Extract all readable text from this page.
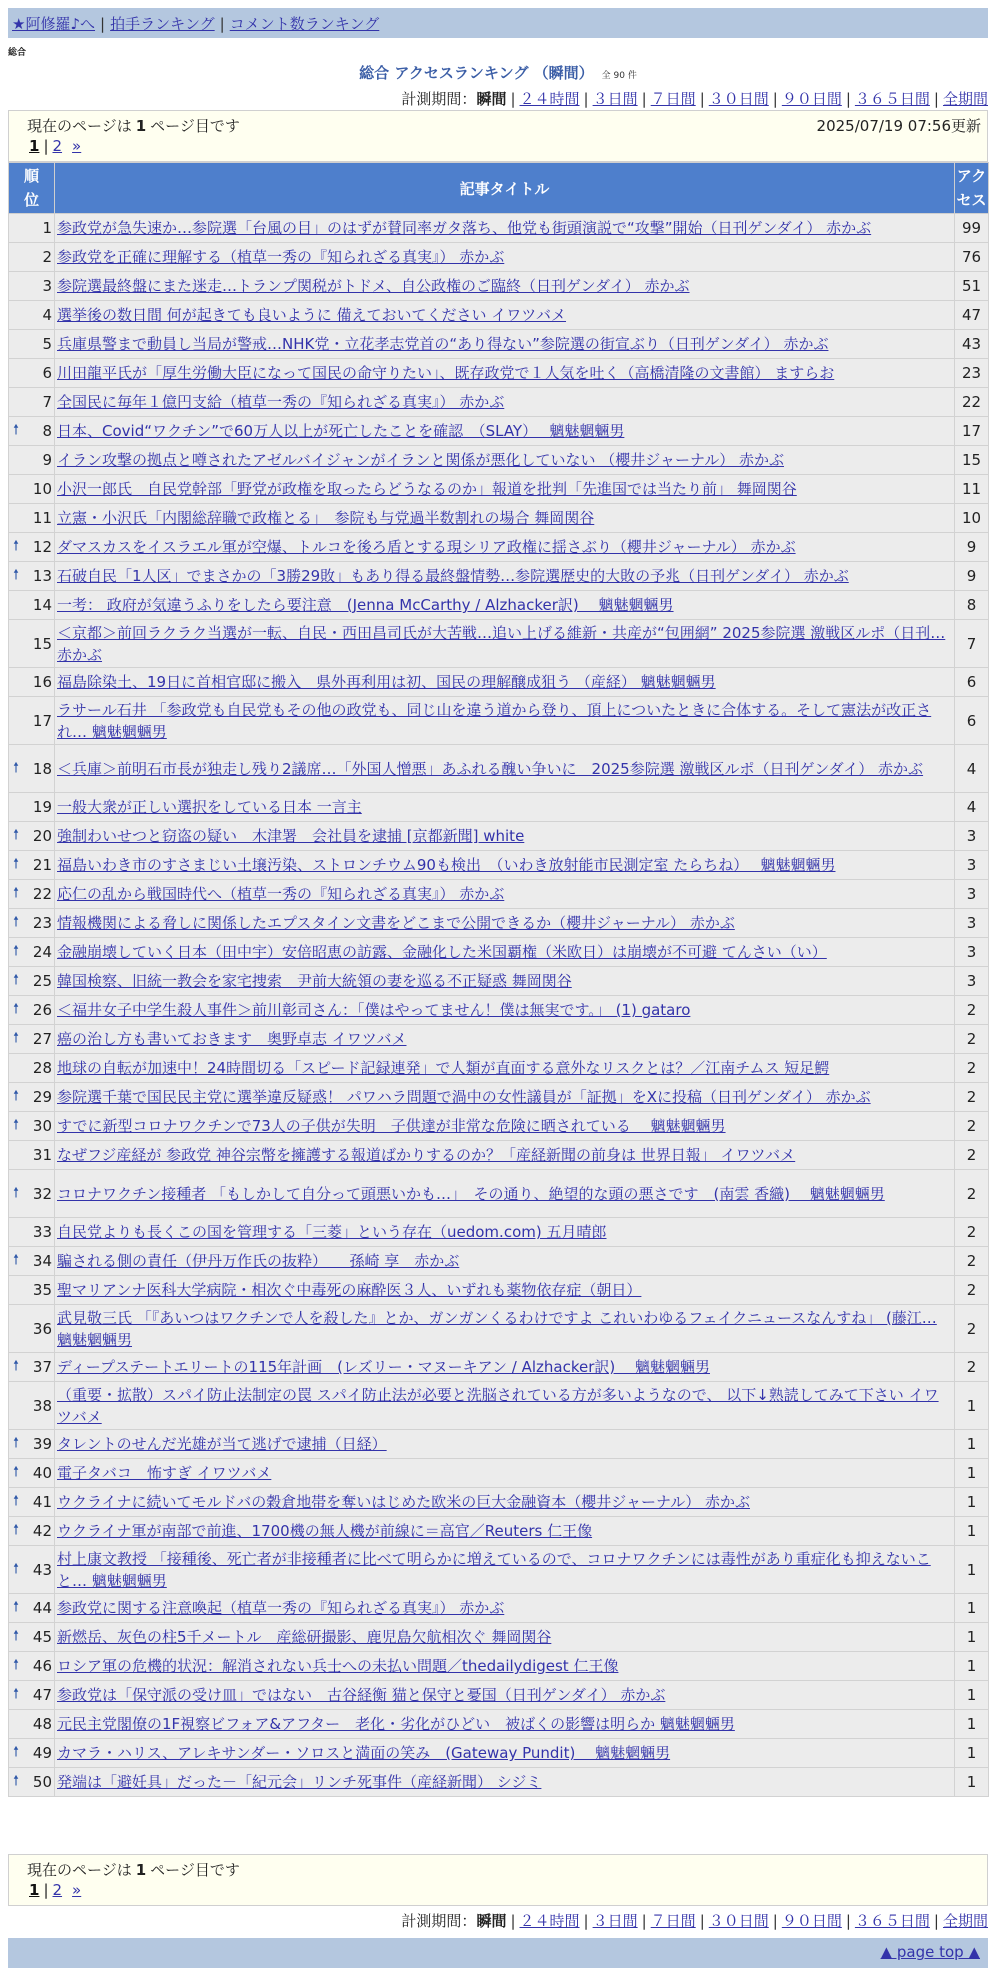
★阿修羅♪へ | 拍手ランキング | コメント数ランキング
総合
総合 アクセスランキング （瞬間） 全 90 件
計測期間：瞬間 | ２４時間 | ３日間 | ７日間 | ３０日間 | ９０日間 | ３６５日間 | 全期間
現在のページは 1 ページ目です	2025/07/19 07:56更新
1 | 2 »
順位	記事タイトル	アクセス
1	参政党が急失速か…参院選「台風の目」のはずが賛同率ガタ落ち、他党も街頭演説で“攻撃”開始（日刊ゲンダイ） 赤かぶ	99
2	参政党を正確に理解する（植草一秀の『知られざる真実』） 赤かぶ	76
3	参院選最終盤にまた迷走…トランプ関税がトドメ、自公政権のご臨終（日刊ゲンダイ） 赤かぶ	51
4	選挙後の数日間 何が起きても良いように 備えておいてください イワツバメ	47
5	兵庫県警まで動員し当局が警戒…NHK党・立花孝志党首の“あり得ない”参院選の街宣ぶり（日刊ゲンダイ） 赤かぶ	43
6	川田龍平氏が「厚生労働大臣になって国民の命守りたい」、既存政党で１人気を吐く（高橋清隆の文書館） ますらお	23
7	全国民に毎年１億円支給（植草一秀の『知られざる真実』） 赤かぶ	22

🠕 8	日本、Covid“ワクチン”で60万人以上が死亡したことを確認　（SLAY）　 魑魅魍魎男	17
9	イラン攻撃の拠点と噂されたアゼルバイジャンがイランと関係が悪化していない （櫻井ジャーナル） 赤かぶ	15
10	小沢一郎氏　自民党幹部「野党が政権を取ったらどうなるのか」報道を批判「先進国では当たり前」 舞岡関谷	11
11	立憲・小沢氏「内閣総辞職で政権とる」　参院も与党過半数割れの場合 舞岡関谷	10

🠕 12	ダマスカスをイスラエル軍が空爆、トルコを後ろ盾とする現シリア政権に揺さぶり（櫻井ジャーナル） 赤かぶ	9

🠕 13	石破自民「1人区」でまさかの「3勝29敗」もあり得る最終盤情勢…参院選歴史的大敗の予兆（日刊ゲンダイ） 赤かぶ	9
14	一考： 政府が気違うふりをしたら要注意　(Jenna McCarthy / Alzhacker訳)　 魑魅魍魎男	8
15	＜京都＞前回ラクラク当選が一転、自民・西田昌司氏が大苦戦…追い上げる維新・共産が“包囲網” 2025参院選 激戦区ルポ（日刊… 赤かぶ	7
16	福島除染土、19日に首相官邸に搬入　県外再利用は初、国民の理解醸成狙う （産経） 魑魅魍魎男	6
17	ラサール石井 「参政党も自民党もその他の政党も、同じ山を違う道から登り、頂上についたときに合体する。そして憲法が改正され… 魑魅魍魎男	6

🠕 18	＜兵庫＞前明石市長が独走し残り2議席…「外国人憎悪」あふれる醜い争いに　2025参院選 激戦区ルポ（日刊ゲンダイ） 赤かぶ	4
19	一般大衆が正しい選択をしている日本 一言主	4

🠕 20	強制わいせつと窃盗の疑い　木津署　会社員を逮捕 [京都新聞] white	3

🠕 21	福島いわき市のすさまじい土壌汚染、ストロンチウム90も検出　（いわき放射能市民測定室 たらちね）　 魑魅魍魎男	3

🠕 22	応仁の乱から戦国時代へ（植草一秀の『知られざる真実』） 赤かぶ	3

🠕 23	情報機関による脅しに関係したエプスタイン文書をどこまで公開できるか（櫻井ジャーナル） 赤かぶ	3

🠕 24	金融崩壊していく日本（田中宇）安倍昭恵の訪露、金融化した米国覇権（米欧日）は崩壊が不可避 てんさい（い）	3

🠕 25	韓国検察、旧統一教会を家宅捜索　尹前大統領の妻を巡る不正疑惑 舞岡関谷	3

🠕 26	＜福井女子中学生殺人事件＞前川彰司さん：「僕はやってません！僕は無実です。」 (1) gataro	2

🠕 27	癌の治し方も書いておきます　奥野卓志 イワツバメ	2
28	地球の自転が加速中！24時間切る「スピード記録連発」で人類が直面する意外なリスクとは？／江南チムス 短足鰐	2

🠕 29	参院選千葉で国民民主党に選挙違反疑惑！ パワハラ問題で渦中の女性議員が「証拠」をXに投稿（日刊ゲンダイ） 赤かぶ	2

🠕 30	すでに新型コロナワクチンで73人の子供が失明　子供達が非常な危険に晒されている　 魑魅魍魎男	2
31	なぜフジ産経が 参政党 神谷宗幣を擁護する報道ばかりするのか？「産経新聞の前身は 世界日報」 イワツバメ	2

🠕 32	コロナワクチン接種者 「もしかして自分って頭悪いかも…」　その通り、絶望的な頭の悪さです　(南雲 香織)　 魑魅魍魎男	2
33	自民党よりも長くこの国を管理する「三菱」という存在（uedom.com) 五月晴郎	2

🠕 34	騙される側の責任（伊丹万作氏の抜粋）　　孫崎 享　赤かぶ	2
35	聖マリアンナ医科大学病院・相次ぐ中毒死の麻酔医３人、いずれも薬物依存症（朝日）	2
36	武見敬三氏 「『あいつはワクチンで人を殺した』とか、ガンガンくるわけですよ これいわゆるフェイクニュースなんすね」 (藤江… 魑魅魍魎男	2

🠕 37	ディープステートエリートの115年計画　(レズリー・マヌーキアン / Alzhacker訳)　 魑魅魍魎男	2
38	（重要・拡散）スパイ防止法制定の罠 スパイ防止法が必要と洗脳されている方が多いようなので、 以下↓熟読してみて下さい イワツバメ	1

🠕 39	タレントのせんだ光雄が当て逃げで逮捕（日経）	1

🠕 40	電子タバコ　怖すぎ イワツバメ	1

🠕 41	ウクライナに続いてモルドバの穀倉地帯を奪いはじめた欧米の巨大金融資本（櫻井ジャーナル） 赤かぶ	1

🠕 42	ウクライナ軍が南部で前進、1700機の無人機が前線に＝高官／Reuters 仁王像	1

🠕 43	村上康文教授 「接種後、死亡者が非接種者に比べて明らかに増えているので、コロナワクチンには毒性があり重症化も抑えないこと… 魑魅魍魎男	1

🠕 44	参政党に関する注意喚起（植草一秀の『知られざる真実』） 赤かぶ	1

🠕 45	新燃岳、灰色の柱5千メートル　産総研撮影、鹿児島欠航相次ぐ 舞岡関谷	1

🠕 46	ロシア軍の危機的状況：解消されない兵士への未払い問題／thedailydigest 仁王像	1

🠕 47	参政党は「保守派の受け皿」ではない　古谷経衡 猫と保守と憂国（日刊ゲンダイ） 赤かぶ	1
48	元民主党閣僚の1F視察ビフォア&アフター　老化・劣化がひどい　被ばくの影響は明らか 魑魅魍魎男	1

🠕 49	カマラ・ハリス、アレキサンダー・ソロスと満面の笑み　(Gateway Pundit)　 魑魅魍魎男	1

🠕 50	発端は「避妊具」だった－「紀元会」リンチ死事件（産経新聞） シジミ	1
現在のページは 1 ページ目です
1 | 2 »
計測期間：瞬間 | ２４時間 | ３日間 | ７日間 | ３０日間 | ９０日間 | ３６５日間 | 全期間
▲ page top ▲
